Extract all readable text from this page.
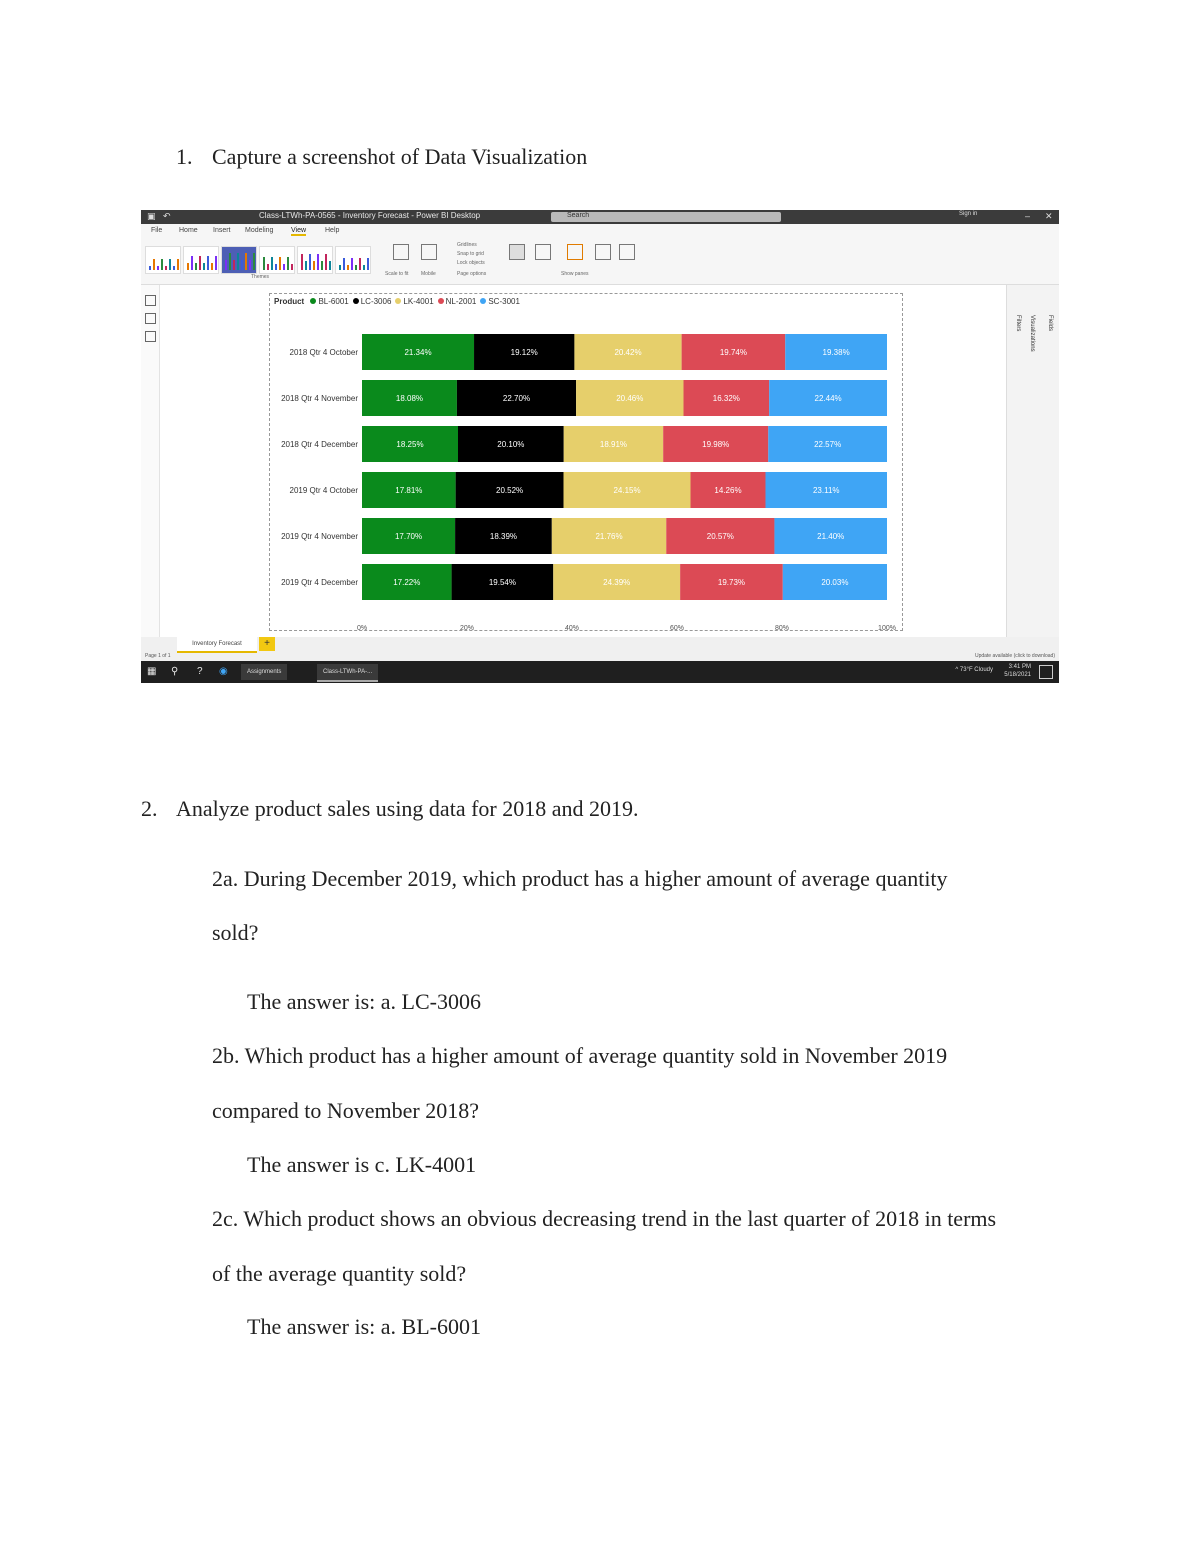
1. Capture a screenshot of Data Visualization
▣ ↶	Class-LTWh-PA-0565 - Inventory Forecast - Power BI Desktop	Search	Sign in	– ✕
File Home Insert Modeling	View	Help
Themes	Scale to fit	Mobile
Gridlines
Snap to grid
Lock objects
Page options	Show panes
Product BL-6001 LC-3006 LK-4001 NL-2001 SC-3001
2018 Qtr 4 October	21.34%	19.12%	20.42%	19.74%	19.38%
2018 Qtr 4 November	18.08%	22.70%	20.46%	16.32%	22.44%
2018 Qtr 4 December	18.25%	20.10%	18.91%	19.98%	22.57%
2019 Qtr 4 October	17.81%	20.52%	24.15%	14.26%	23.11%
2019 Qtr 4 November	17.70%	18.39%	21.76%	20.57%	21.40%
2019 Qtr 4 December	17.22%	19.54%	24.39%	19.73%	20.03%
0%	20%	40%	60%	80%	100%
Filters Visualizations Fields
Inventory Forecast	+
Page 1 of 1	Update available (click to download)
▦ ⚲ ? ◉	Assignments	Class-LTWh-PA-...	^ 73°F Cloudy	3:41 PM
5/18/2021
2. Analyze product sales using data for 2018 and 2019.
2a. During December 2019, which product has a higher amount of average quantity
sold?
The answer is: a. LC-3006
2b. Which product has a higher amount of average quantity sold in November 2019
compared to November 2018?
The answer is c. LK-4001
2c. Which product shows an obvious decreasing trend in the last quarter of 2018 in terms
of the average quantity sold?
The answer is: a. BL-6001
